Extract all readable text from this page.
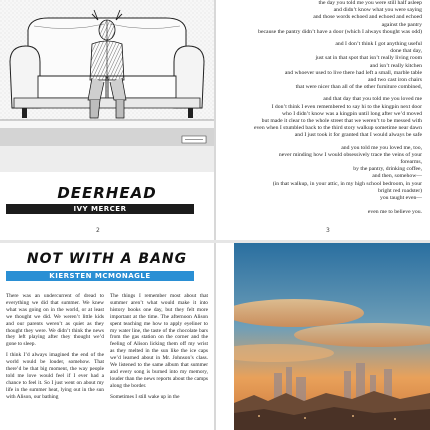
DEERHEAD
IVY MERCER
2
the day you told me you were still half asleep
and didn’t know what you were saying
and those words echoed and echoed and echoed
against the pantry
because the pantry didn’t have a door (which I always thought was odd)
and I don’t think I got anything useful
done that day,
just sat in that spot that isn’t really living room
and isn’t really kitchen
and whoever used to live there had left a small, marble table
and two cast iron chairs
that were nicer than all of the other furniture combined,
and that day that you told me you loved me
I don’t think I even remembered to say hi to the kingpin next door
who I didn’t know was a kingpin until long after we’d moved
but made it clear to the whole street that we weren’t to be messed with
even when I stumbled back to the third story walkup sometime near dawn
and I just took it for granted that I would always be safe
and you told me you loved me, too,
never minding how I would obsessively trace the veins of your
forearms,
by the pantry, drinking coffee,
and then, somehow—
(in that walkup, in your attic, in my high school bedroom, in your
bright red roadster)
you taught even—
even me to believe you.
3
NOT WITH A BANG
KIERSTEN MCMONAGLE

There was an undercurrent of dread to everything we did that summer. We knew what was going on in the world, or at least we thought we did. We weren’t little kids and our parents weren’t as quiet as they thought they were. We didn’t think the news they left playing after they thought we’d gone to sleep.

I think I’d always imagined the end of the world would be louder, somehow. That there’d be that big moment, the way people told me love would feel if I ever had a chance to feel it. So I just went on about my life in the summer heat, lying out in the sun with Alison, our bathing

The things I remember most about that summer aren’t what would make it into history books one day, but they felt more important at the time. The afternoon Alison spent teaching me how to apply eyeliner to my water line, the taste of the chocolate bars from the gas station on the corner and the feeling of Alison licking them off my wrist as they melted in the sun like the ice caps we’d learned about in Mr. Johnson’s class. We listened to the same album that summer and every song is burned into my memory, louder than the news reports about the camps along the border.

Sometimes I still wake up in the
